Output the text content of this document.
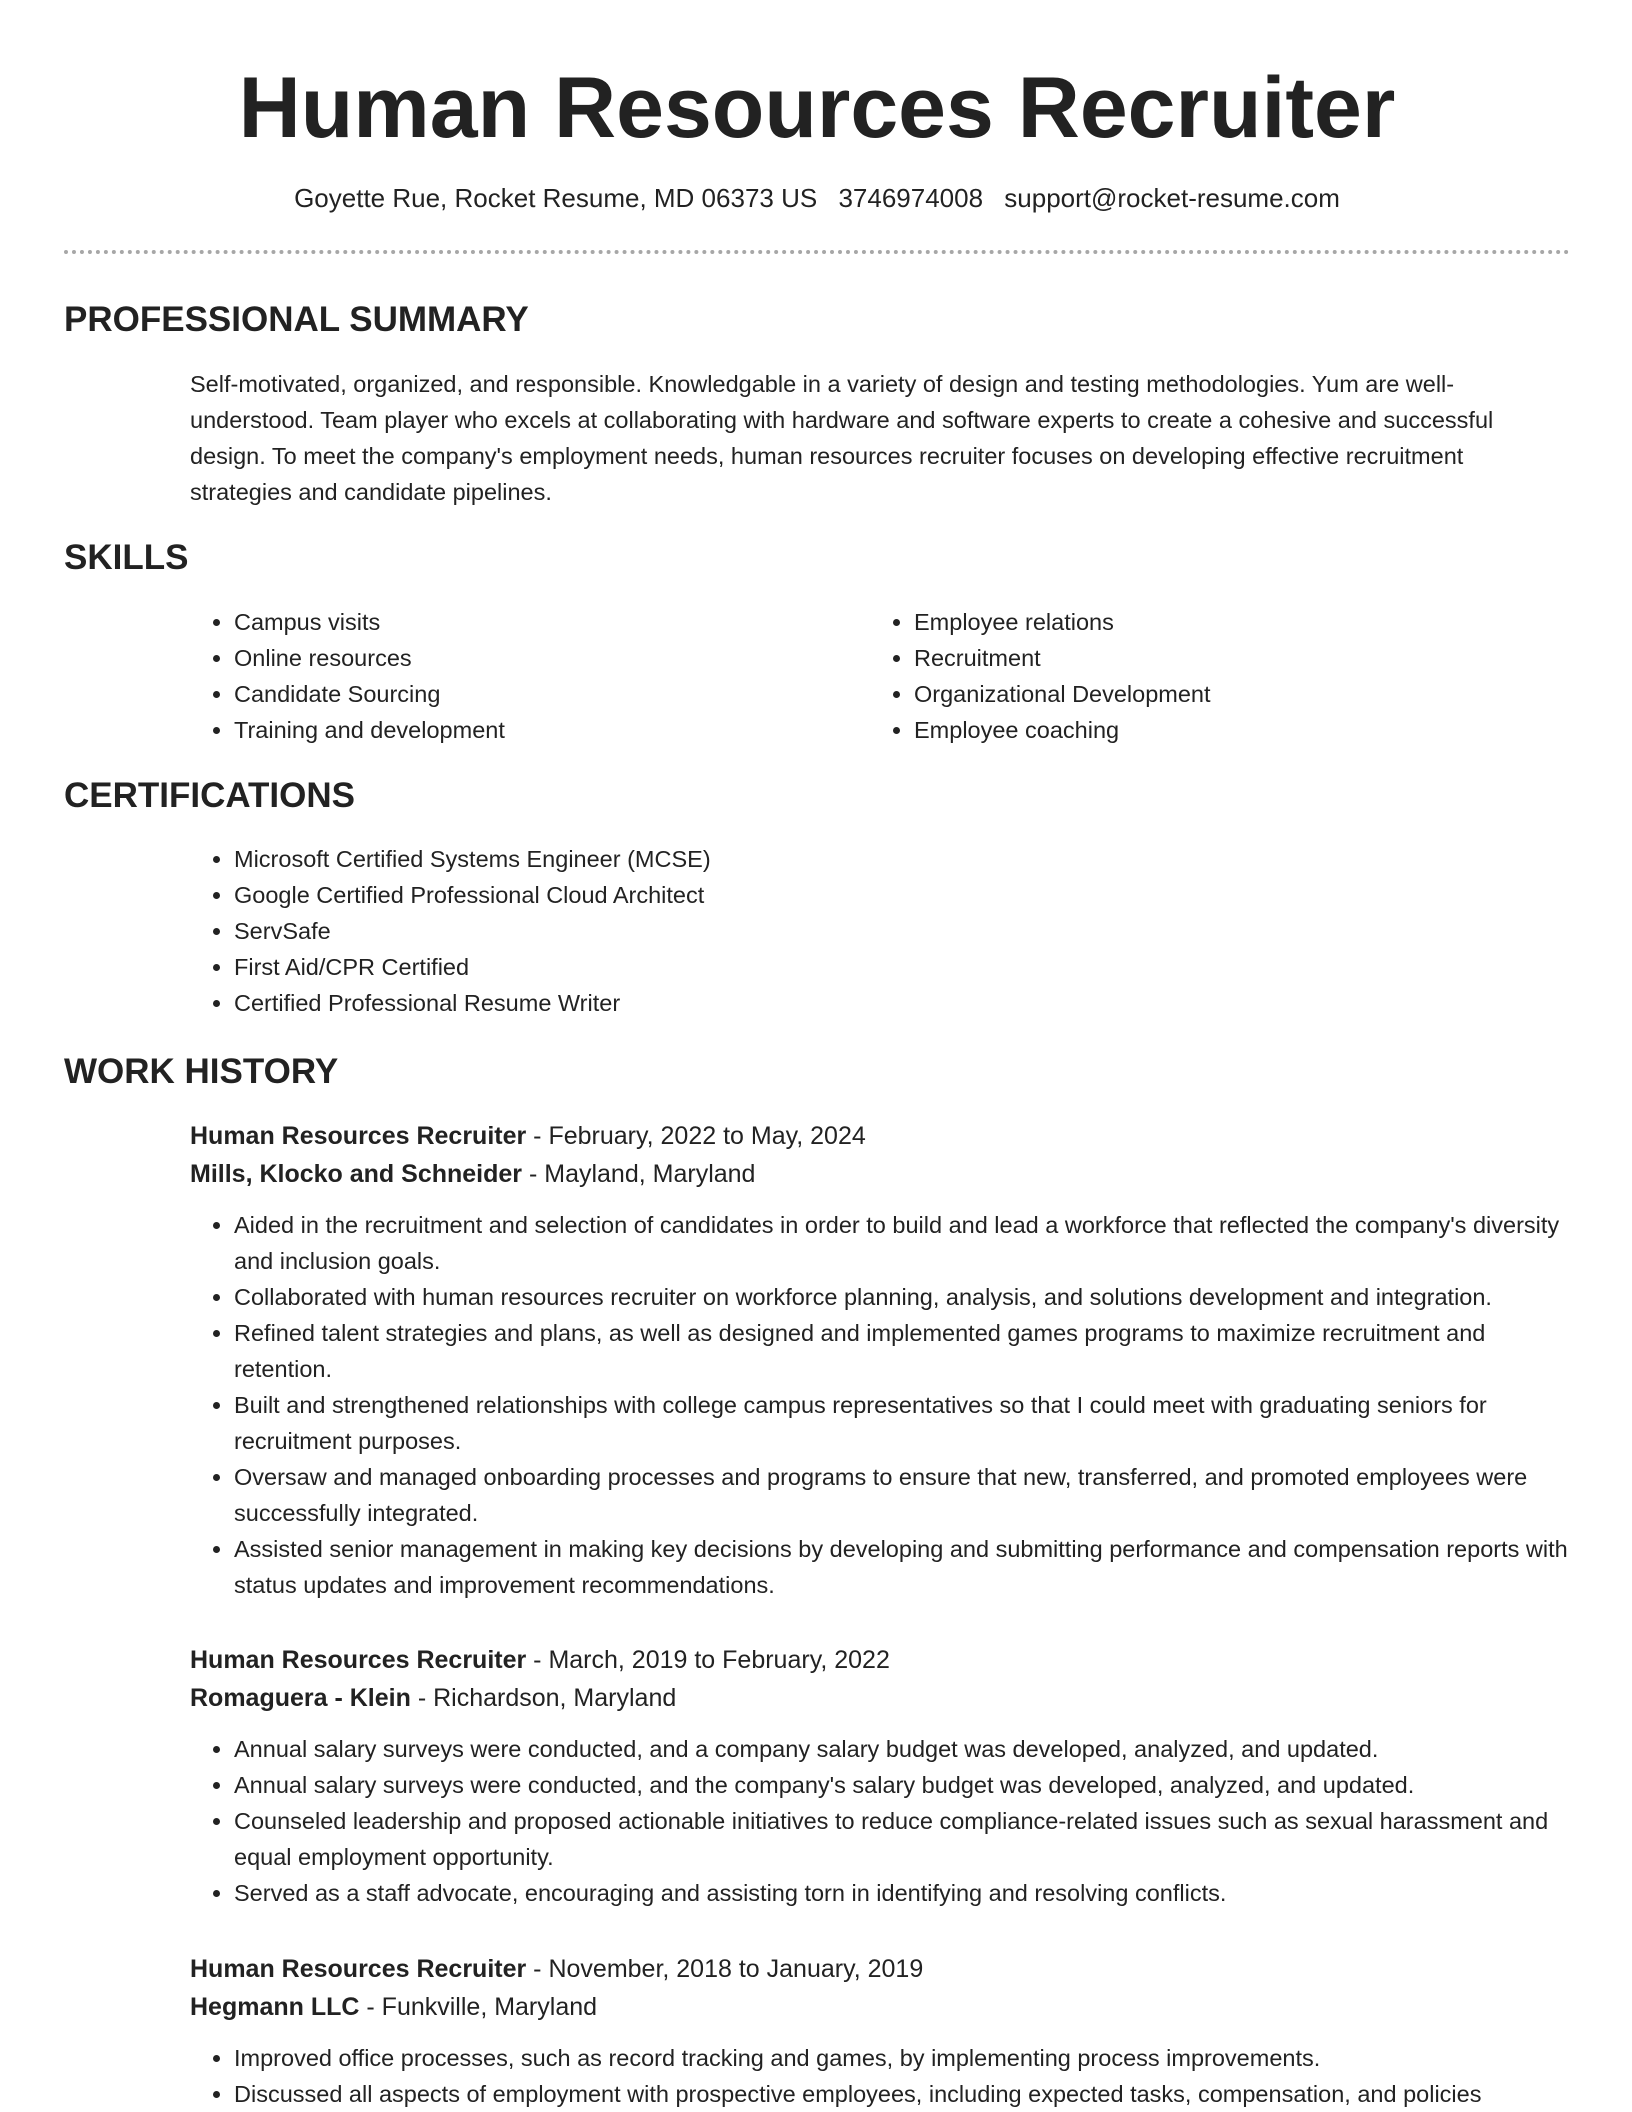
Human Resources Recruiter
Goyette Rue, Rocket Resume, MD 06373 US 3746974008 support@rocket-resume.com
PROFESSIONAL SUMMARY

Self-motivated, organized, and responsible. Knowledgable in a variety of design and testing methodologies. Yum are well-understood. Team player who excels at collaborating with hardware and software experts to create a cohesive and successful design. To meet the company's employment needs, human resources recruiter focuses on developing effective recruitment strategies and candidate pipelines.

SKILLS
• Campus visits
• Online resources
• Candidate Sourcing
• Training and development
• Employee relations
• Recruitment
• Organizational Development
• Employee coaching
CERTIFICATIONS
• Microsoft Certified Systems Engineer (MCSE)
• Google Certified Professional Cloud Architect
• ServSafe
• First Aid/CPR Certified
• Certified Professional Resume Writer
WORK HISTORY

Human Resources Recruiter - February, 2022 to May, 2024

Mills, Klocko and Schneider - Mayland, Maryland

• Aided in the recruitment and selection of candidates in order to build and lead a workforce that reflected the company's diversity and inclusion goals.
• Collaborated with human resources recruiter on workforce planning, analysis, and solutions development and integration.
• Refined talent strategies and plans, as well as designed and implemented games programs to maximize recruitment and retention.
• Built and strengthened relationships with college campus representatives so that I could meet with graduating seniors for recruitment purposes.
• Oversaw and managed onboarding processes and programs to ensure that new, transferred, and promoted employees were successfully integrated.
• Assisted senior management in making key decisions by developing and submitting performance and compensation reports with status updates and improvement recommendations.

Human Resources Recruiter - March, 2019 to February, 2022

Romaguera - Klein - Richardson, Maryland

• Annual salary surveys were conducted, and a company salary budget was developed, analyzed, and updated.
• Annual salary surveys were conducted, and the company's salary budget was developed, analyzed, and updated.
• Counseled leadership and proposed actionable initiatives to reduce compliance-related issues such as sexual harassment and equal employment opportunity.
• Served as a staff advocate, encouraging and assisting torn in identifying and resolving conflicts.

Human Resources Recruiter - November, 2018 to January, 2019

Hegmann LLC - Funkville, Maryland

• Improved office processes, such as record tracking and games, by implementing process improvements.
• Discussed all aspects of employment with prospective employees, including expected tasks, compensation, and policies
